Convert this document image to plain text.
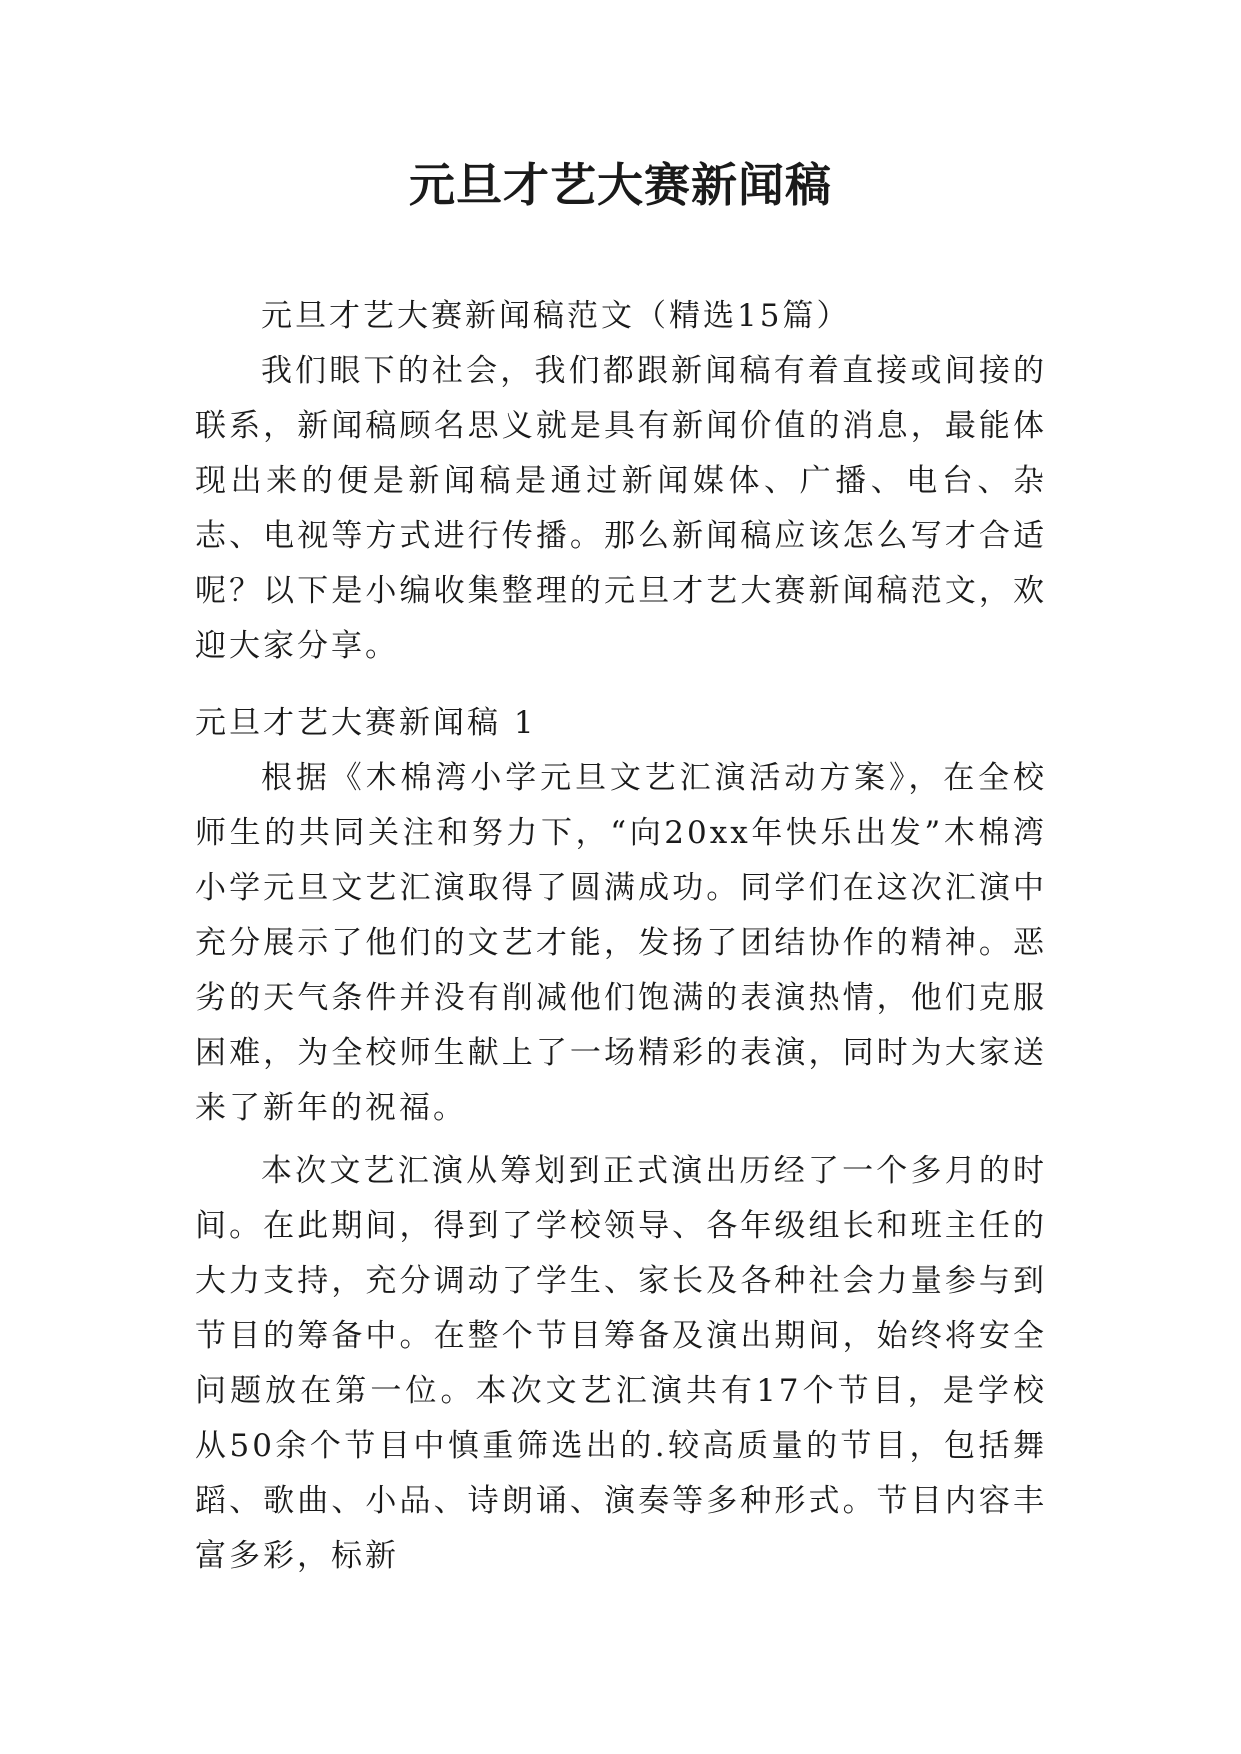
元旦才艺大赛新闻稿

元旦才艺大赛新闻稿范文（精选15篇）

我们眼下的社会，我们都跟新闻稿有着直接或间接的联系，新闻稿顾名思义就是具有新闻价值的消息，最能体现出来的便是新闻稿是通过新闻媒体、广播、电台、杂志、电视等方式进行传播。那么新闻稿应该怎么写才合适呢？以下是小编收集整理的元旦才艺大赛新闻稿范文，欢迎大家分享。

元旦才艺大赛新闻稿 1

根据《木棉湾小学元旦文艺汇演活动方案》，在全校师生的共同关注和努力下，“向20xx年快乐出发”木棉湾小学元旦文艺汇演取得了圆满成功。同学们在这次汇演中充分展示了他们的文艺才能，发扬了团结协作的精神。恶劣的天气条件并没有削减他们饱满的表演热情，他们克服困难，为全校师生献上了一场精彩的表演，同时为大家送来了新年的祝福。

本次文艺汇演从筹划到正式演出历经了一个多月的时间。在此期间，得到了学校领导、各年级组长和班主任的大力支持，充分调动了学生、家长及各种社会力量参与到节目的筹备中。在整个节目筹备及演出期间，始终将安全问题放在第一位。本次文艺汇演共有17个节目，是学校从50余个节目中慎重筛选出的.较高质量的节目，包括舞蹈、歌曲、小品、诗朗诵、演奏等多种形式。节目内容丰富多彩，标新
